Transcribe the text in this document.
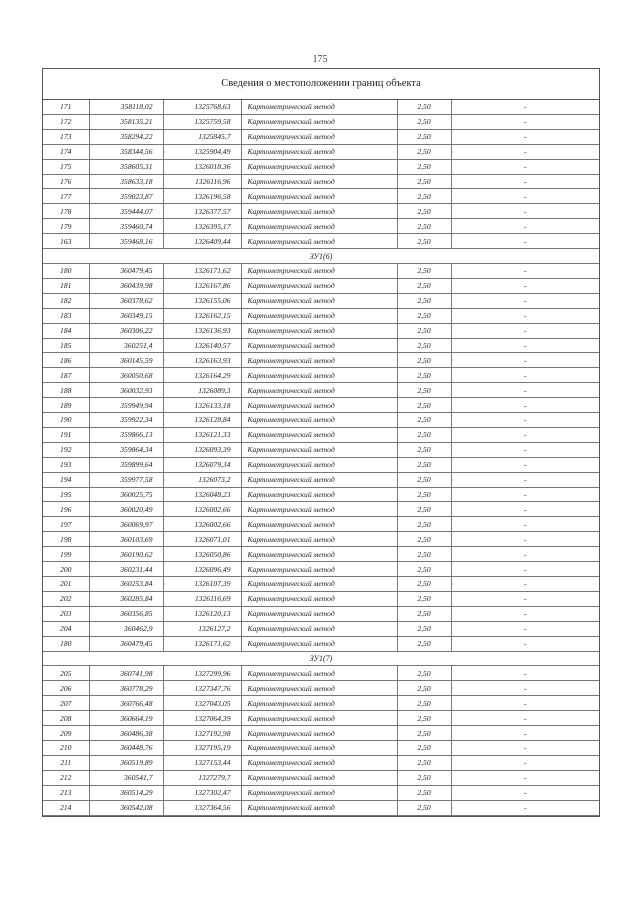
175
Сведения о местоположении границ объекта
171	358118,02	1325768,63	Картометрический метод	2,50	-
172	358135,21	1325759,58	Картометрический метод	2,50	-
173	358294,22	1325845,7	Картометрический метод	2,50	-
174	358344,56	1325904,49	Картометрический метод	2,50	-
175	358605,31	1326018,36	Картометрический метод	2,50	-
176	358633,18	1326116,96	Картометрический метод	2,50	-
177	359023,87	1326196,58	Картометрический метод	2,50	-
178	359444,07	1326377,57	Картометрический метод	2,50	-
179	359460,74	1326395,17	Картометрический метод	2,50	-
163	359468,16	1326409,44	Картометрический метод	2,50	-
ЗУ1(6)					
180	360479,45	1326171,62	Картометрический метод	2,50	-
181	360439,98	1326167,86	Картометрический метод	2,50	-
182	360378,62	1326155,06	Картометрический метод	2,50	-
183	360349,15	1326162,15	Картометрический метод	2,50	-
184	360306,22	1326136,93	Картометрический метод	2,50	-
185	360251,4	1326140,57	Картометрический метод	2,50	-
186	360145,59	1326163,93	Картометрический метод	2,50	-
187	360050,68	1326164,29	Картометрический метод	2,50	-
188	360032,93	1326089,3	Картометрический метод	2,50	-
189	359949,94	1326133,18	Картометрический метод	2,50	-
190	359922,34	1326128,84	Картометрический метод	2,50	-
191	359866,13	1326121,33	Картометрический метод	2,50	-
192	359864,34	1326093,39	Картометрический метод	2,50	-
193	359899,64	1326079,34	Картометрический метод	2,50	-
194	359977,58	1326073,2	Картометрический метод	2,50	-
195	360025,75	1326048,23	Картометрический метод	2,50	-
196	360020,49	1326002,66	Картометрический метод	2,50	-
197	360069,97	1326002,66	Картометрический метод	2,50	-
198	360103,69	1326071,01	Картометрический метод	2,50	-
199	360190,62	1326050,86	Картометрический метод	2,50	-
200	360231,44	1326096,49	Картометрический метод	2,50	-
201	360253,84	1326107,39	Картометрический метод	2,50	-
202	360285,84	1326116,69	Картометрический метод	2,50	-
203	360356,85	1326120,13	Картометрический метод	2,50	-
204	360462,9	1326127,2	Картометрический метод	2,50	-
180	360479,45	1326171,62	Картометрический метод	2,50	-
ЗУ1(7)					
205	360741,98	1327299,96	Картометрический метод	2,50	-
206	360778,29	1327347,76	Картометрический метод	2,50	-
207	360766,48	1327043,05	Картометрический метод	2,50	-
208	360664,19	1327064,39	Картометрический метод	2,50	-
209	360486,38	1327192,98	Картометрический метод	2,50	-
210	360448,76	1327195,19	Картометрический метод	2,50	-
211	360519,89	1327153,44	Картометрический метод	2,50	-
212	360541,7	1327279,7	Картометрический метод	2,50	-
213	360514,29	1327302,47	Картометрический метод	2,50	-
214	360542,08	1327364,56	Картометрический метод	2,50	-
